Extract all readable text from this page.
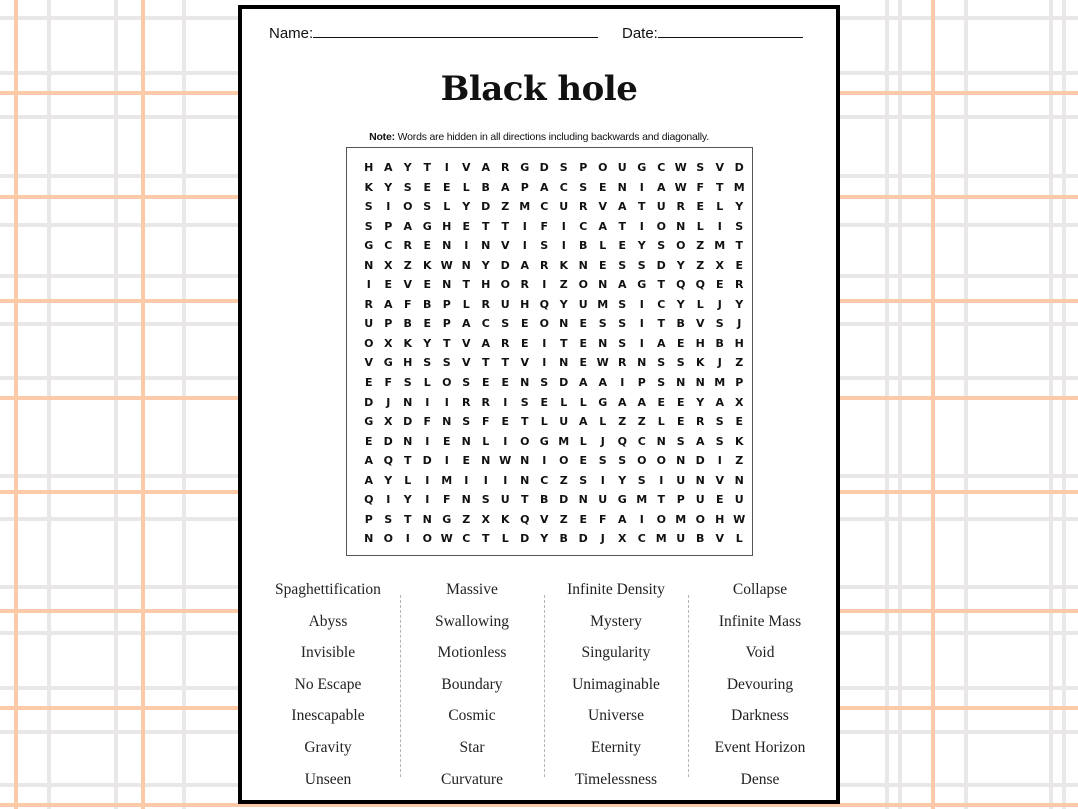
Name:	Date:
Black hole
Note: Words are hidden in all directions including backwards and diagonally.
H A	Y	T	I	V A	R G D S	P O U G C W S	V D
K	Y	S	E	E	L	B	A	P	A	C	S	E	N	I	A W F	T M
S	I	O S	L	Y D Z M C	U R	V A	T	U R	E	L	Y
S	P	A G H	E	T	T	I	F	I	C	A	T	I	O N	L	I	S
G C	R	E	N	I	N V	I	S	I	B	L	E	Y	S O Z M T
N X	Z	K W N Y D A	R	K N	E	S	S D Y	Z	X	E
I	E	V	E	N	T	H O R	I	Z O N A G	T	Q Q	E	R
R	A	F	B	P	L	R U H Q Y	U M S	I	C	Y	L	J	Y
U	P	B	E	P	A	C	S	E	O N	E	S	S	I	T	B	V	S	J
O X	K	Y	T	V A	R	E	I	T	E	N S	I	A	E	H B H
V G H S	S	V	T	T	V	I	N	E W R N S	S	K	J	Z
E	F	S	L	O S	E	E	N S D A A	I	P	S N N M P
D	J	N	I	I	R	R	I	S	E	L	L	G A A	E	E	Y	A	X
G X D	F	N S	F	E	T	L	U A	L	Z	Z	L	E	R	S	E
E	D N	I	E	N	L	I	O G M L	J	Q C N S	A	S	K
A Q	T	D	I	E	N W N	I	O	E	S	S O O N D	I	Z
A	Y	L	I	M	I	I	I	N C	Z	S	I	Y	S	I	U N V N
Q	I	Y	I	F	N S	U	T	B D N U G M T	P	U	E	U
P	S	T	N G Z	X	K Q V	Z	E	F	A	I	O M O H W
N O	I	O W C	T	L	D Y	B D	J	X	C M U B	V	L
Spaghettification
Abyss
Invisible
No Escape
Inescapable
Gravity
Unseen
Massive
Swallowing
Motionless
Boundary
Cosmic
Star
Curvature
Infinite Density
Mystery
Singularity
Unimaginable
Universe
Eternity
Timelessness
Collapse
Infinite Mass
Void
Devouring
Darkness
Event Horizon
Dense
